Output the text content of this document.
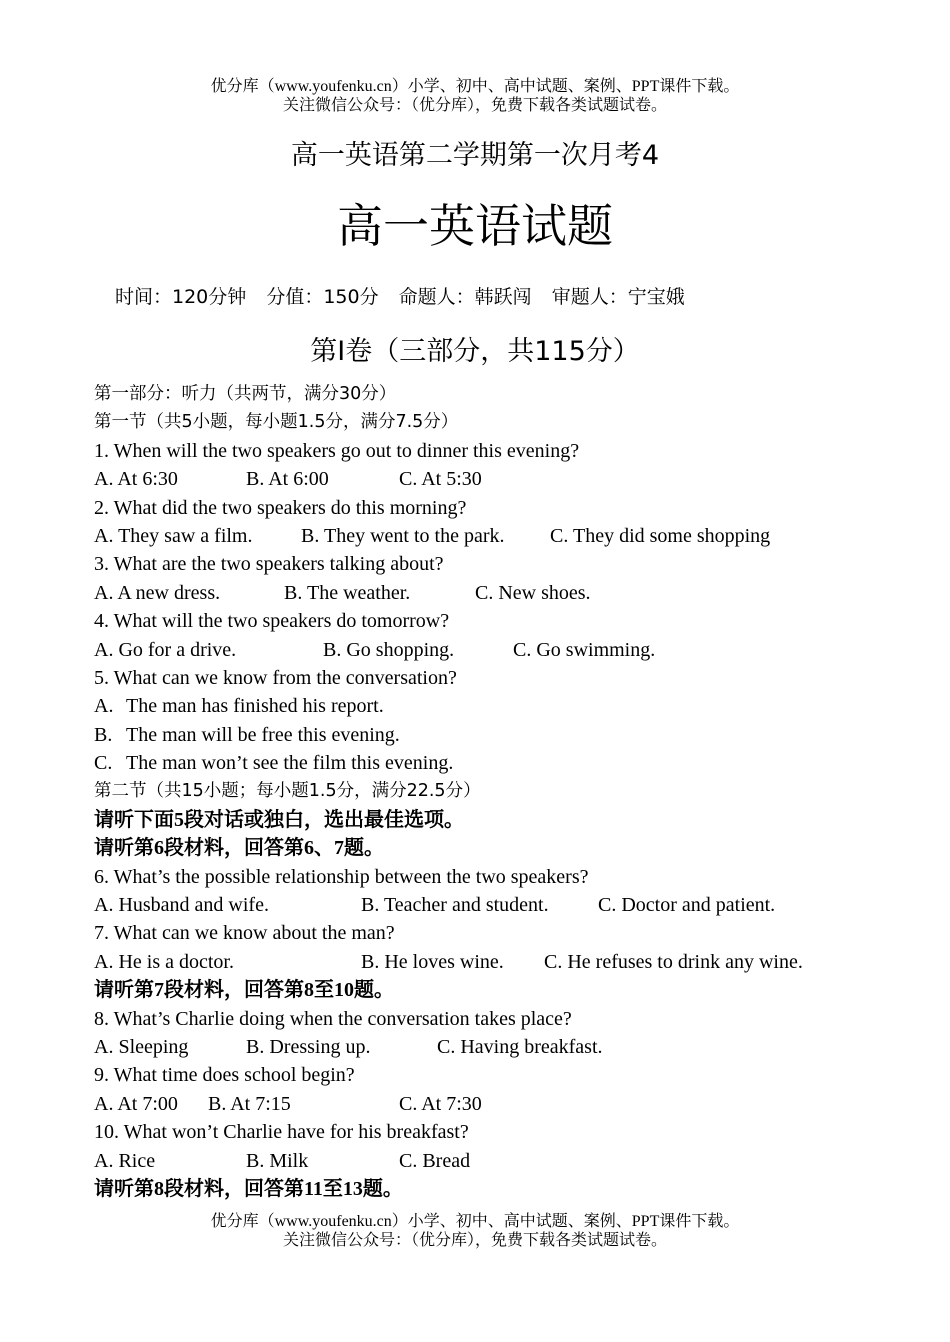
优分库（www.youfenku.cn）小学、初中、高中试题、案例、PPT课件下载。
关注微信公众号：（优分库），免费下载各类试题试卷。
高一英语第二学期第一次月考4
高一英语试题
时间：120分钟 分值：150分 命题人：韩跃闯 审题人：宁宝娥
第Ⅰ卷（三部分，共115分）
第一部分：听力（共两节，满分30分）
第一节（共5小题，每小题1.5分，满分7.5分）
1. When will the two speakers go out to dinner this evening?
A. At 6:30	B. At 6:00	C. At 5:30
2. What did the two speakers do this morning?
A. They saw a film. B. They went to the park. C. They did some shopping
3. What are the two speakers talking about?
A. A new dress.	B. The weather.	C. New shoes.
4. What will the two speakers do tomorrow?
A. Go for a drive.	B. Go shopping.	C. Go swimming.
5. What can we know from the conversation?
A. The man has finished his report.
B. The man will be free this evening.
C. The man won’t see the film this evening.
第二节（共15小题；每小题1.5分，满分22.5分）
请听下面5段对话或独白，选出最佳选项。
请听第6段材料，回答第6、7题。
6. What’s the possible relationship between the two speakers?
A. Husband and wife.	B. Teacher and student. C. Doctor and patient.
7. What can we know about the man?
A. He is a doctor.	B. He loves wine. C. He refuses to drink any wine.
请听第7段材料，回答第8至10题。
8. What’s Charlie doing when the conversation takes place?
A. Sleeping	B. Dressing up.	C. Having breakfast.
9. What time does school begin?
A. At 7:00 B. At 7:15	C. At 7:30
10. What won’t Charlie have for his breakfast?
A. Rice	B. Milk	C. Bread
请听第8段材料，回答第11至13题。
优分库（www.youfenku.cn）小学、初中、高中试题、案例、PPT课件下载。
关注微信公众号：（优分库），免费下载各类试题试卷。
